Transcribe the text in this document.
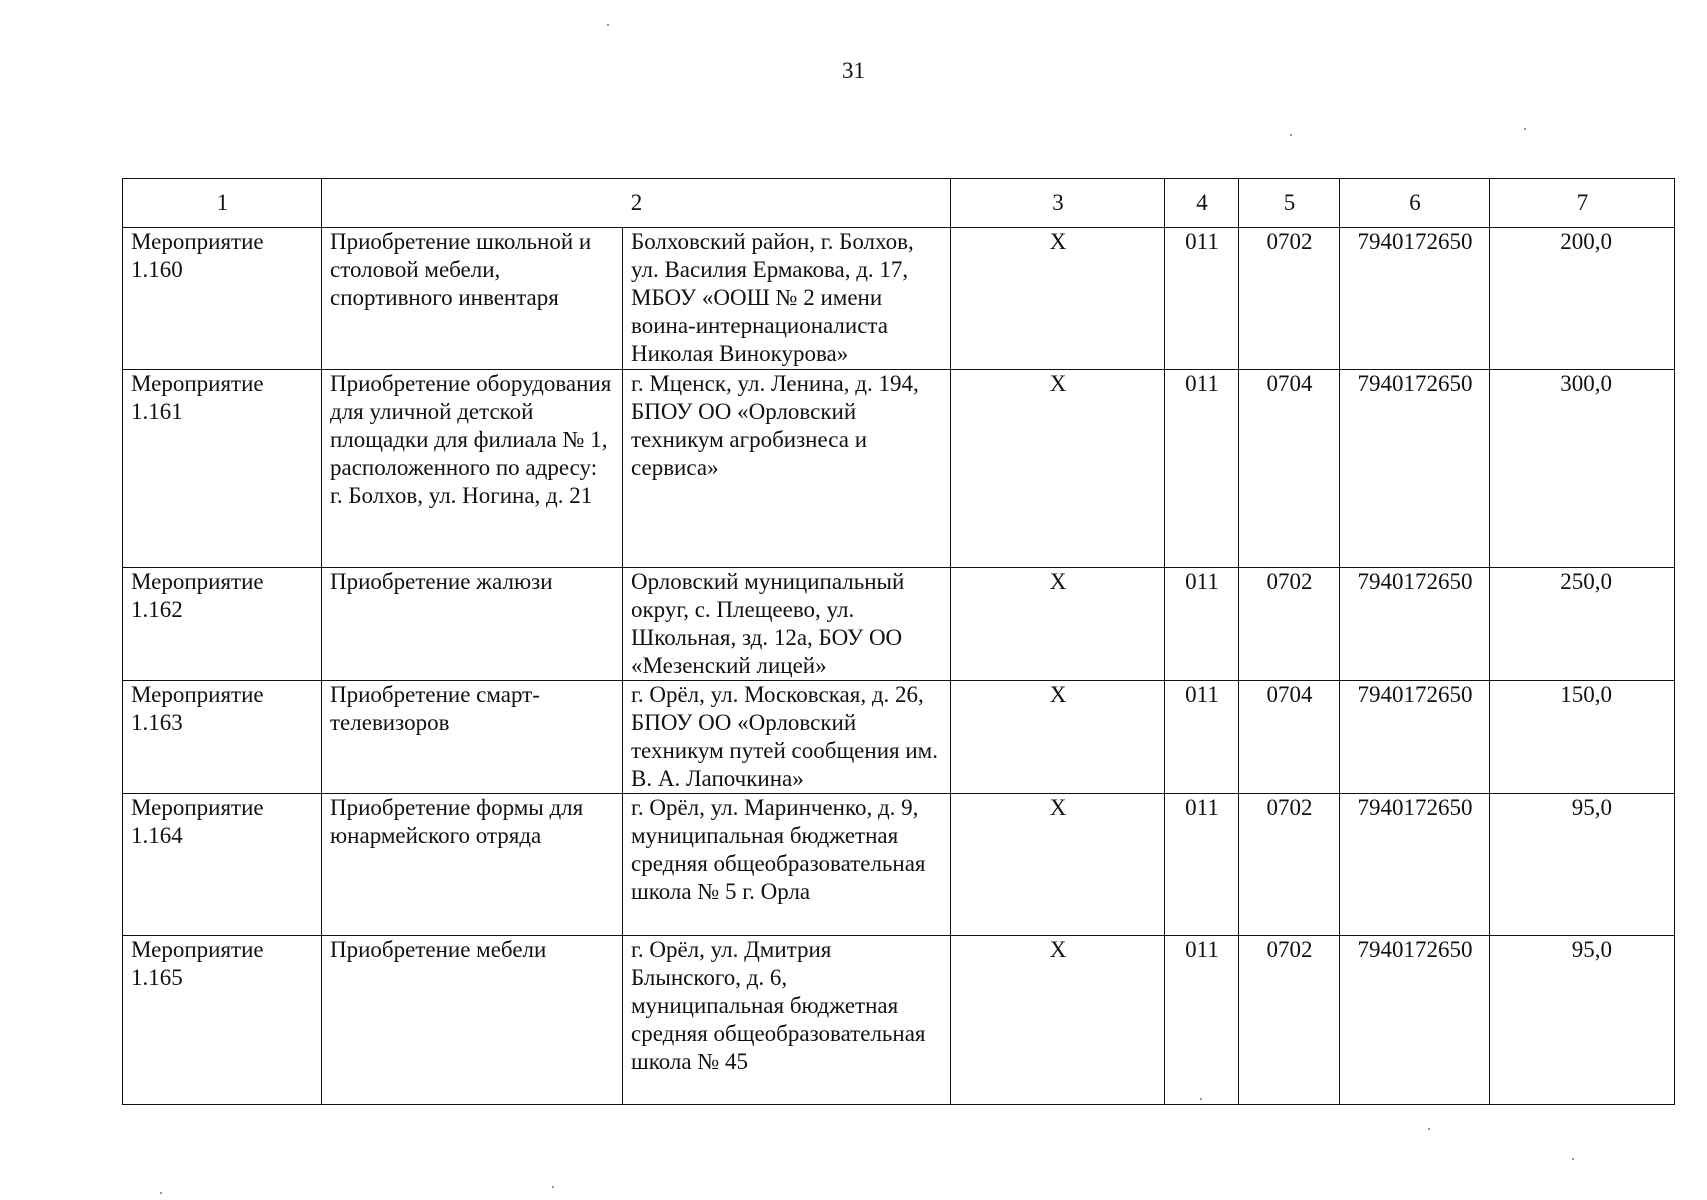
31
1	2		3	4	5	6	7
Мероприятие 1.160	Приобретение школьной и столовой мебели, спортивного инвентаря	Болховский район, г. Болхов, ул. Василия Ермакова, д. 17, МБОУ «ООШ № 2 имени воина-интернационалиста Николая Винокурова»	Х	011	0702	7940172650	200,0
Мероприятие 1.161	Приобретение оборудования для уличной детской площадки для филиала № 1, расположенного по адресу: г. Болхов, ул. Ногина, д. 21	г. Мценск, ул. Ленина, д. 194, БПОУ ОО «Орловский техникум агробизнеса и сервиса»	Х	011	0704	7940172650	300,0
Мероприятие 1.162	Приобретение жалюзи	Орловский муниципальный округ, с. Плещеево, ул. Школьная, зд. 12а, БОУ ОО «Мезенский лицей»	Х	011	0702	7940172650	250,0
Мероприятие 1.163	Приобретение смарт-телевизоров	г. Орёл, ул. Московская, д. 26, БПОУ ОО «Орловский техникум путей сообщения им. В. А. Лапочкина»	Х	011	0704	7940172650	150,0
Мероприятие 1.164	Приобретение формы для юнармейского отряда	г. Орёл, ул. Маринченко, д. 9, муниципальная бюджетная средняя общеобразовательная школа № 5 г. Орла	Х	011	0702	7940172650	95,0
Мероприятие 1.165	Приобретение мебели	г. Орёл, ул. Дмитрия Блынского, д. 6, муниципальная бюджетная средняя общеобразовательная школа № 45	Х	011	0702	7940172650	95,0
